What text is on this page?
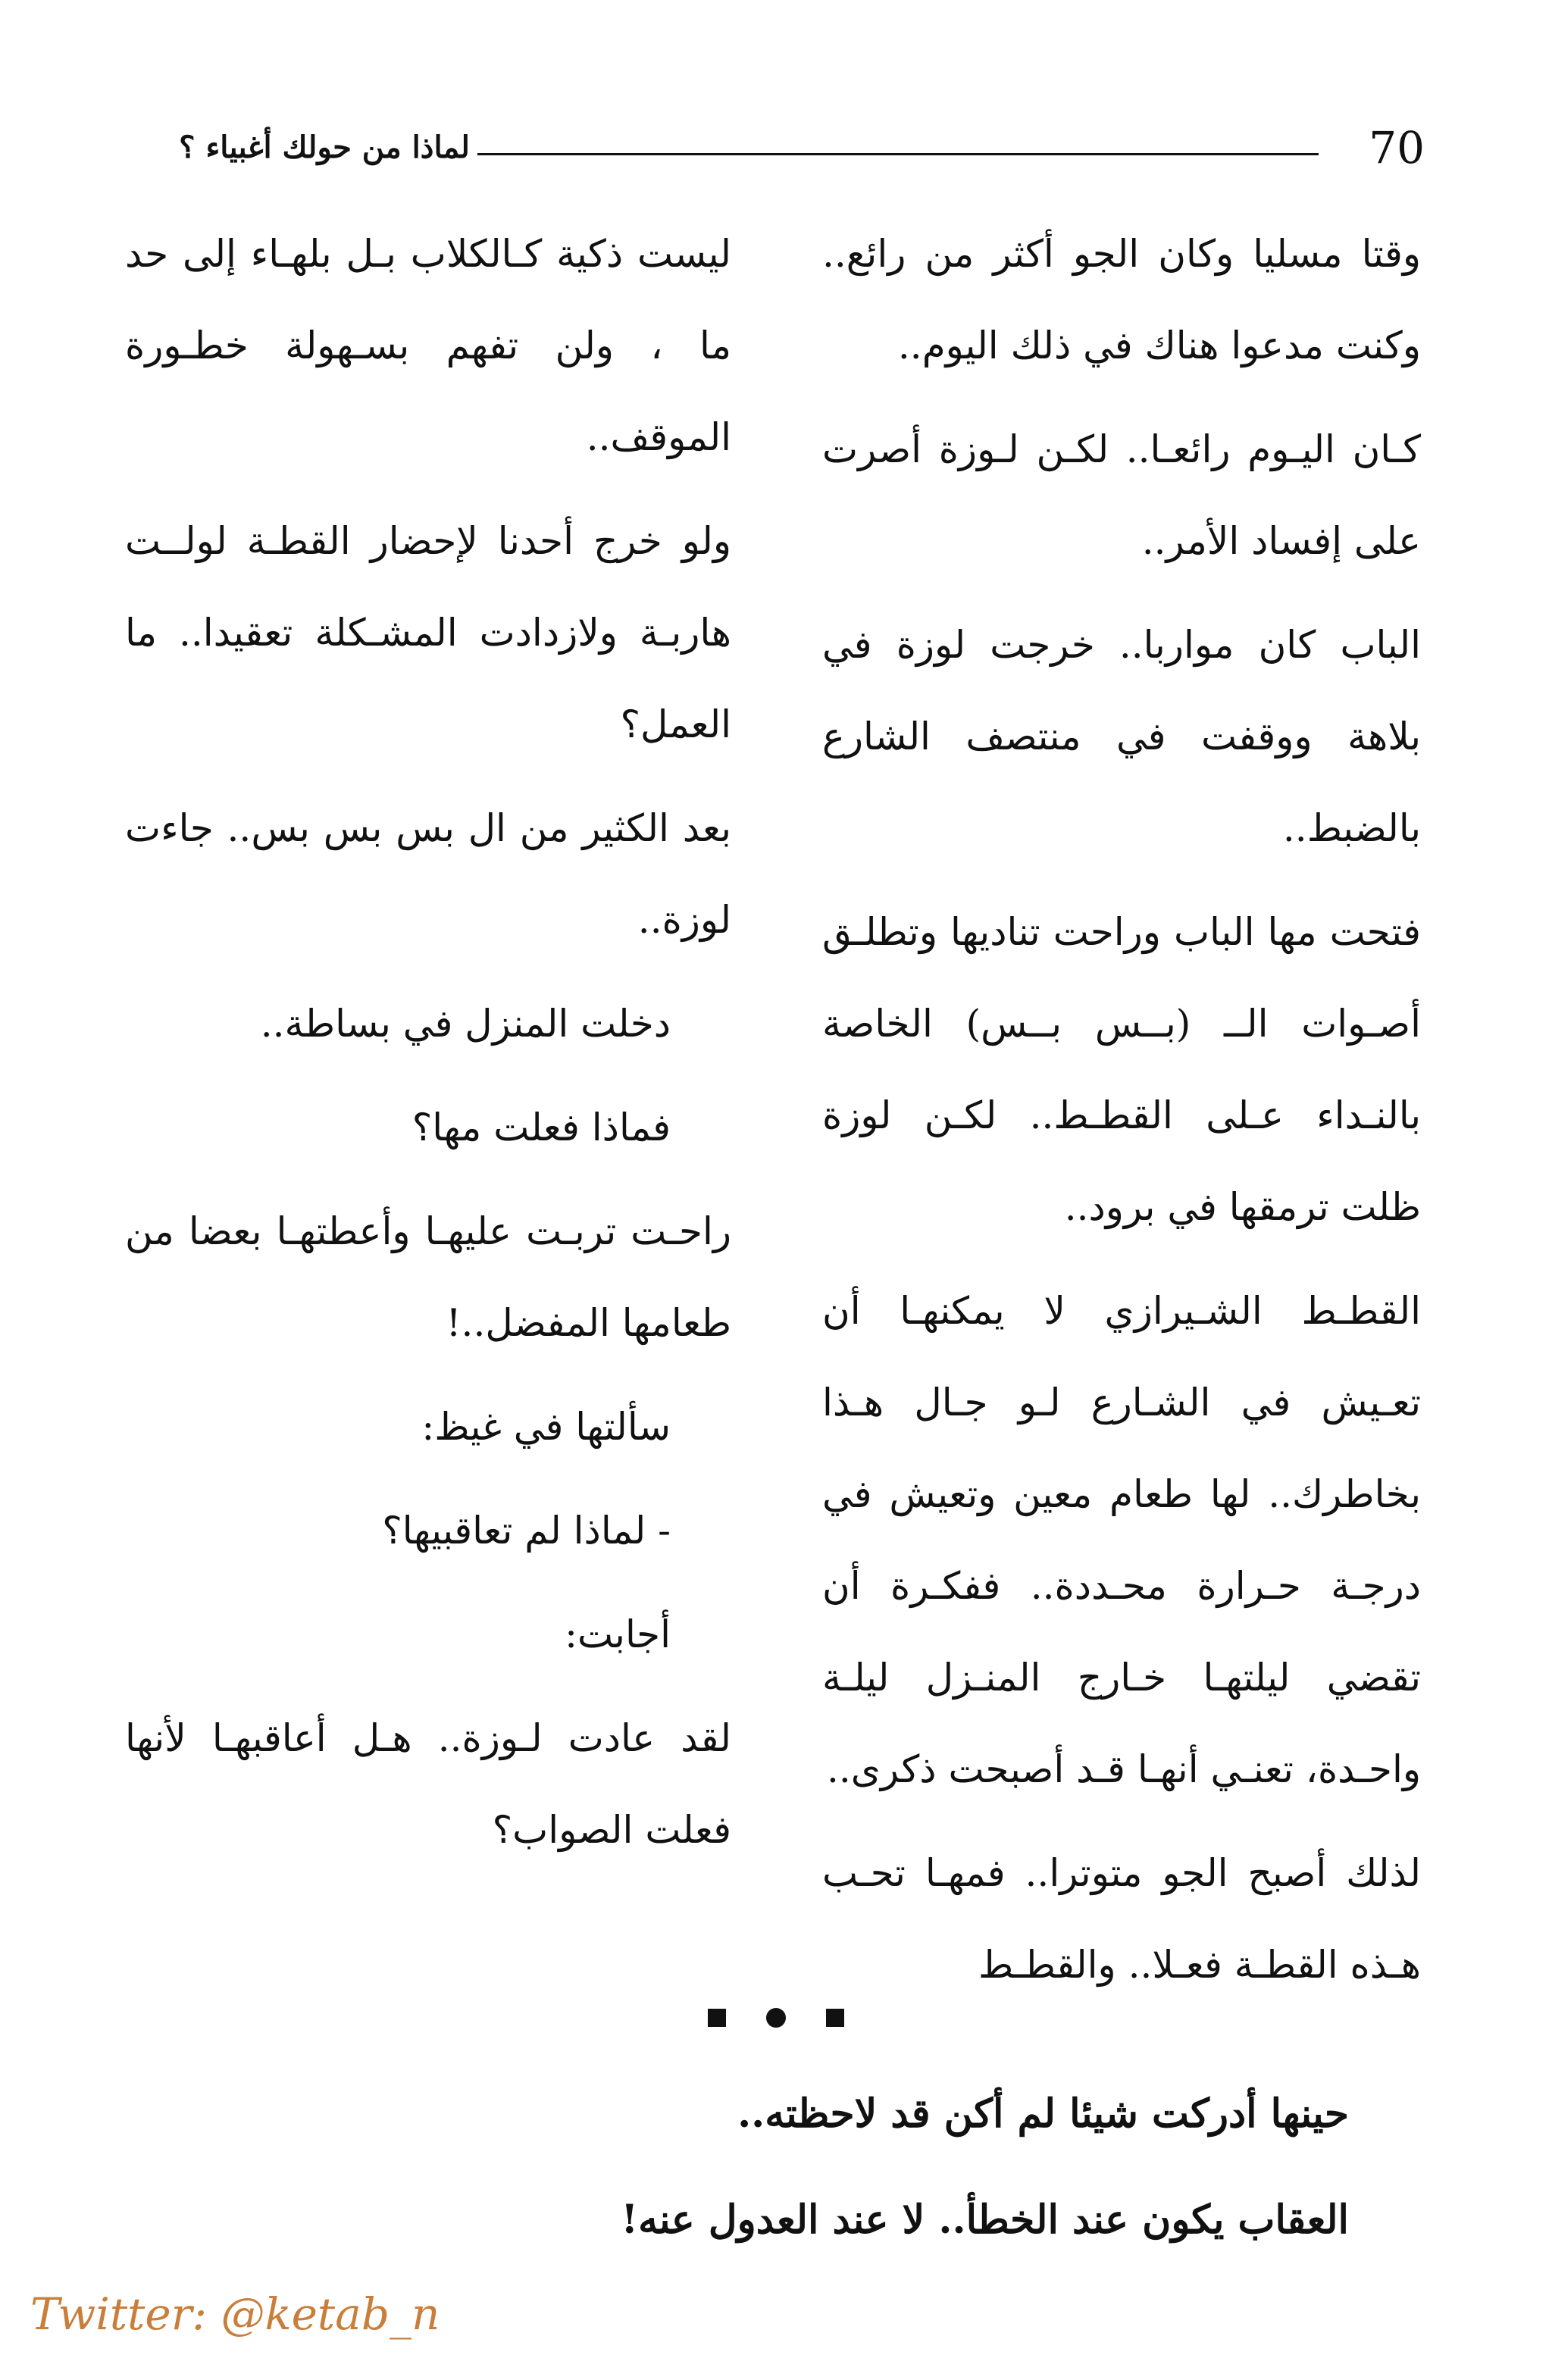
لماذا من حولك أغبياء ؟	70

وقتا مسليا وكان الجو أكثر من رائع.. وكنت مدعوا هناك في ذلك اليوم..

كـان اليـوم رائعـا.. لكـن لـوزة أصرت على إفساد الأمر..

الباب كان مواربا.. خرجت لوزة في بلاهة ووقفت في منتصف الشارع بالضبط..

فتحت مها الباب وراحت تناديها وتطلـق أصـوات الــ (بــس بــس) الخاصة بالنـداء عـلى القطـط.. لكـن لوزة ظلت ترمقها في برود..

القطـط الشـيرازي لا يمكنهـا أن تعـيش في الشـارع لـو جـال هـذا بخاطرك.. لها طعام معين وتعيش في درجـة حـرارة محـددة.. ففكـرة أن تقضي ليلتهـا خـارج المنـزل ليلـة واحـدة، تعنـي أنهـا قـد أصبحت ذكرى..

لذلك أصبح الجو متوترا.. فمهـا تحـب هـذه القطـة فعـلا.. والقطـط

ليست ذكية كـالكلاب بـل بلهـاء إلى حد ما ، ولن تفهم بسـهولة خطـورة الموقف..

ولو خرج أحدنا لإحضار القطـة لولــت هاربـة ولازدادت المشـكلة تعقيدا.. ما العمل؟

بعد الكثير من ال بس بس بس.. جاءت لوزة..

دخلت المنزل في بساطة..

فماذا فعلت مها؟

راحـت تربـت عليهـا وأعطتهـا بعضا من طعامها المفضل..!

سألتها في غيظ:

- لماذا لم تعاقبيها؟

أجابت:

لقد عادت لـوزة.. هـل أعاقبهـا لأنها فعلت الصواب؟

حينها أدركت شيئا لم أكن قد لاحظته..
العقاب يكون عند الخطأ.. لا عند العدول عنه!
Twitter: @ketab_n
